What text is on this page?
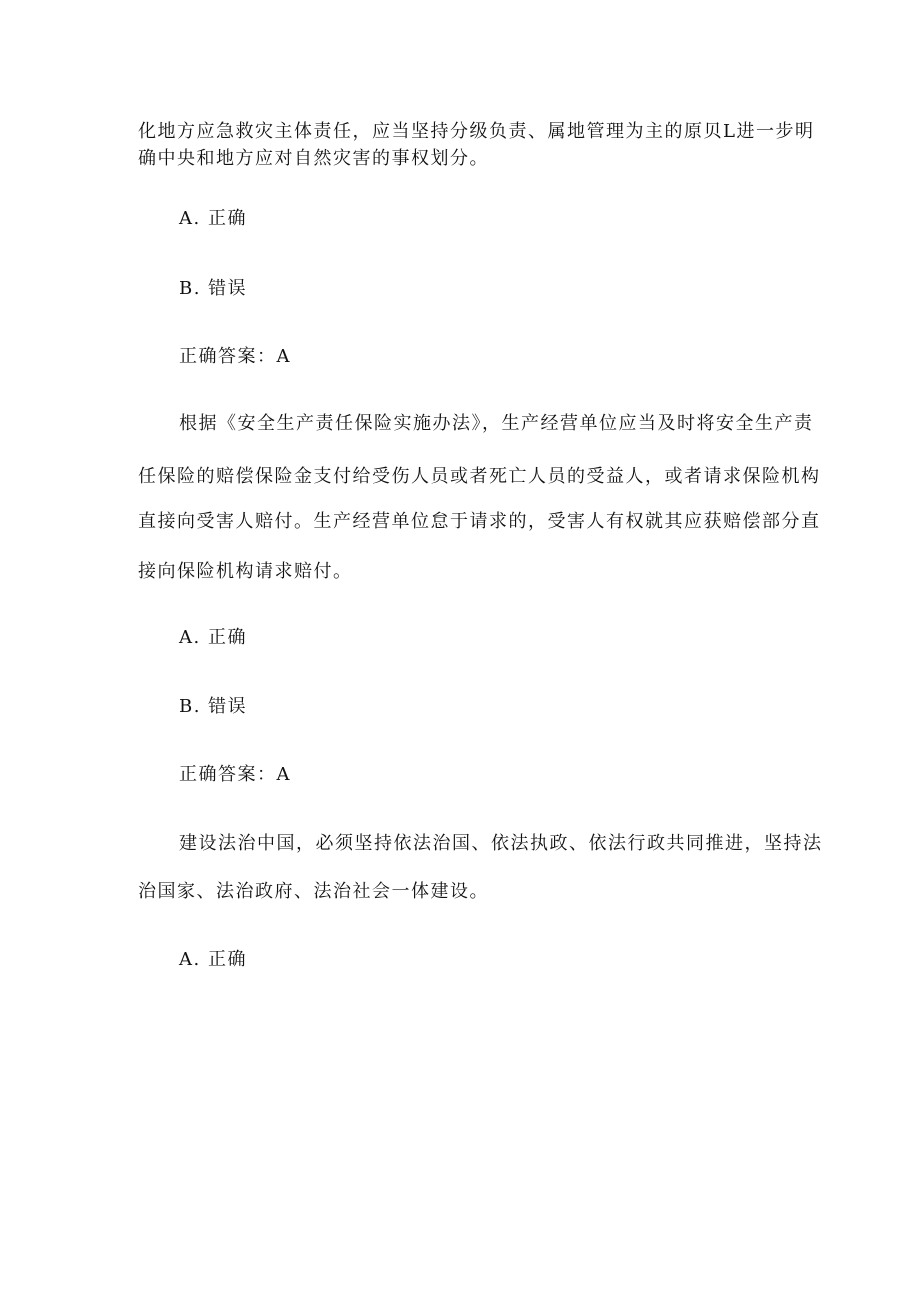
化地方应急救灾主体责任，应当坚持分级负责、属地管理为主的原贝L进一步明
确中央和地方应对自然灾害的事权划分。
A. 正确
B. 错误
正确答案：A
根据《安全生产责任保险实施办法》，生产经营单位应当及时将安全生产责
任保险的赔偿保险金支付给受伤人员或者死亡人员的受益人，或者请求保险机构
直接向受害人赔付。生产经营单位怠于请求的，受害人有权就其应获赔偿部分直
接向保险机构请求赔付。
A. 正确
B. 错误
正确答案：A
建设法治中国，必须坚持依法治国、依法执政、依法行政共同推进，坚持法
治国家、法治政府、法治社会一体建设。
A. 正确
